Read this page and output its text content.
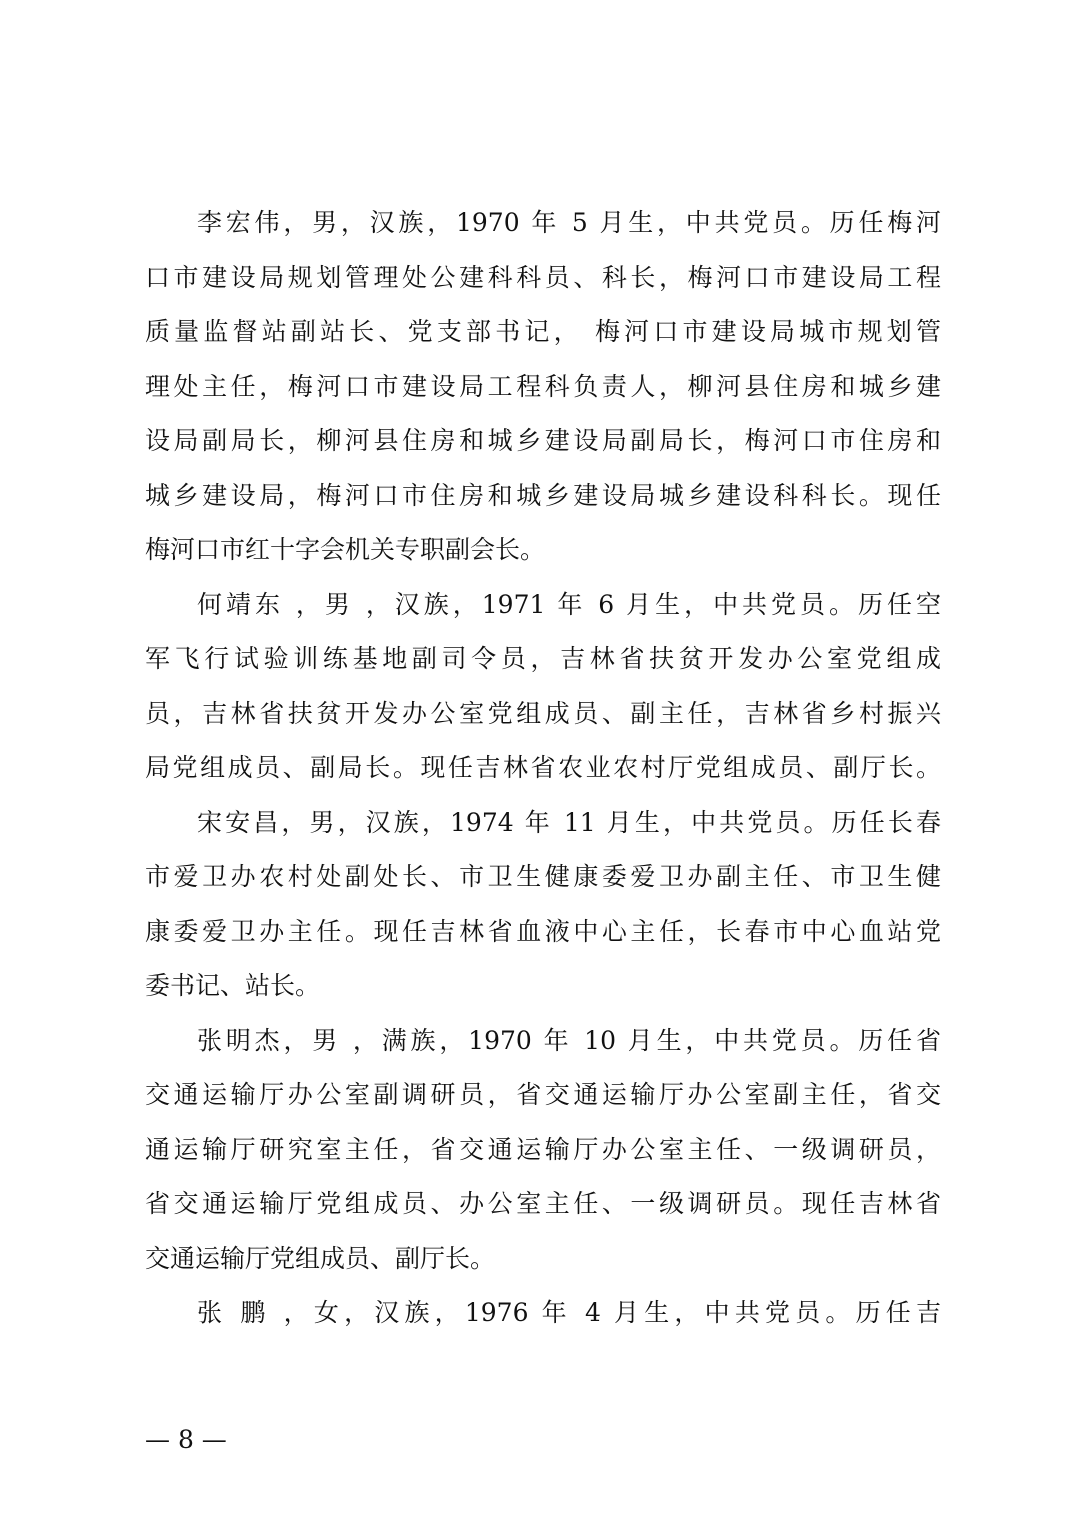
李宏伟，男，汉族，1970 年 5 月生，中共党员。历任梅河
口市建设局规划管理处公建科科员、科长，梅河口市建设局工程
质量监督站副站长、党支部书记， 梅河口市建设局城市规划管
理处主任，梅河口市建设局工程科负责人，柳河县住房和城乡建
设局副局长，柳河县住房和城乡建设局副局长，梅河口市住房和
城乡建设局，梅河口市住房和城乡建设局城乡建设科科长。现任
梅河口市红十字会机关专职副会长。
何靖东 ，男 ，汉族，1971 年 6 月生，中共党员。历任空
军飞行试验训练基地副司令员，吉林省扶贫开发办公室党组成
员，吉林省扶贫开发办公室党组成员、副主任，吉林省乡村振兴
局党组成员、副局长。现任吉林省农业农村厅党组成员、副厅长。
宋安昌，男，汉族，1974 年 11 月生，中共党员。历任长春
市爱卫办农村处副处长、市卫生健康委爱卫办副主任、市卫生健
康委爱卫办主任。现任吉林省血液中心主任，长春市中心血站党
委书记、站长。
张明杰，男 ，满族，1970 年 10 月生，中共党员。历任省
交通运输厅办公室副调研员，省交通运输厅办公室副主任，省交
通运输厅研究室主任，省交通运输厅办公室主任、一级调研员，
省交通运输厅党组成员、办公室主任、一级调研员。现任吉林省
交通运输厅党组成员、副厅长。
张 鹏 ，女，汉族，1976 年 4 月生，中共党员。历任吉
— 8 —
